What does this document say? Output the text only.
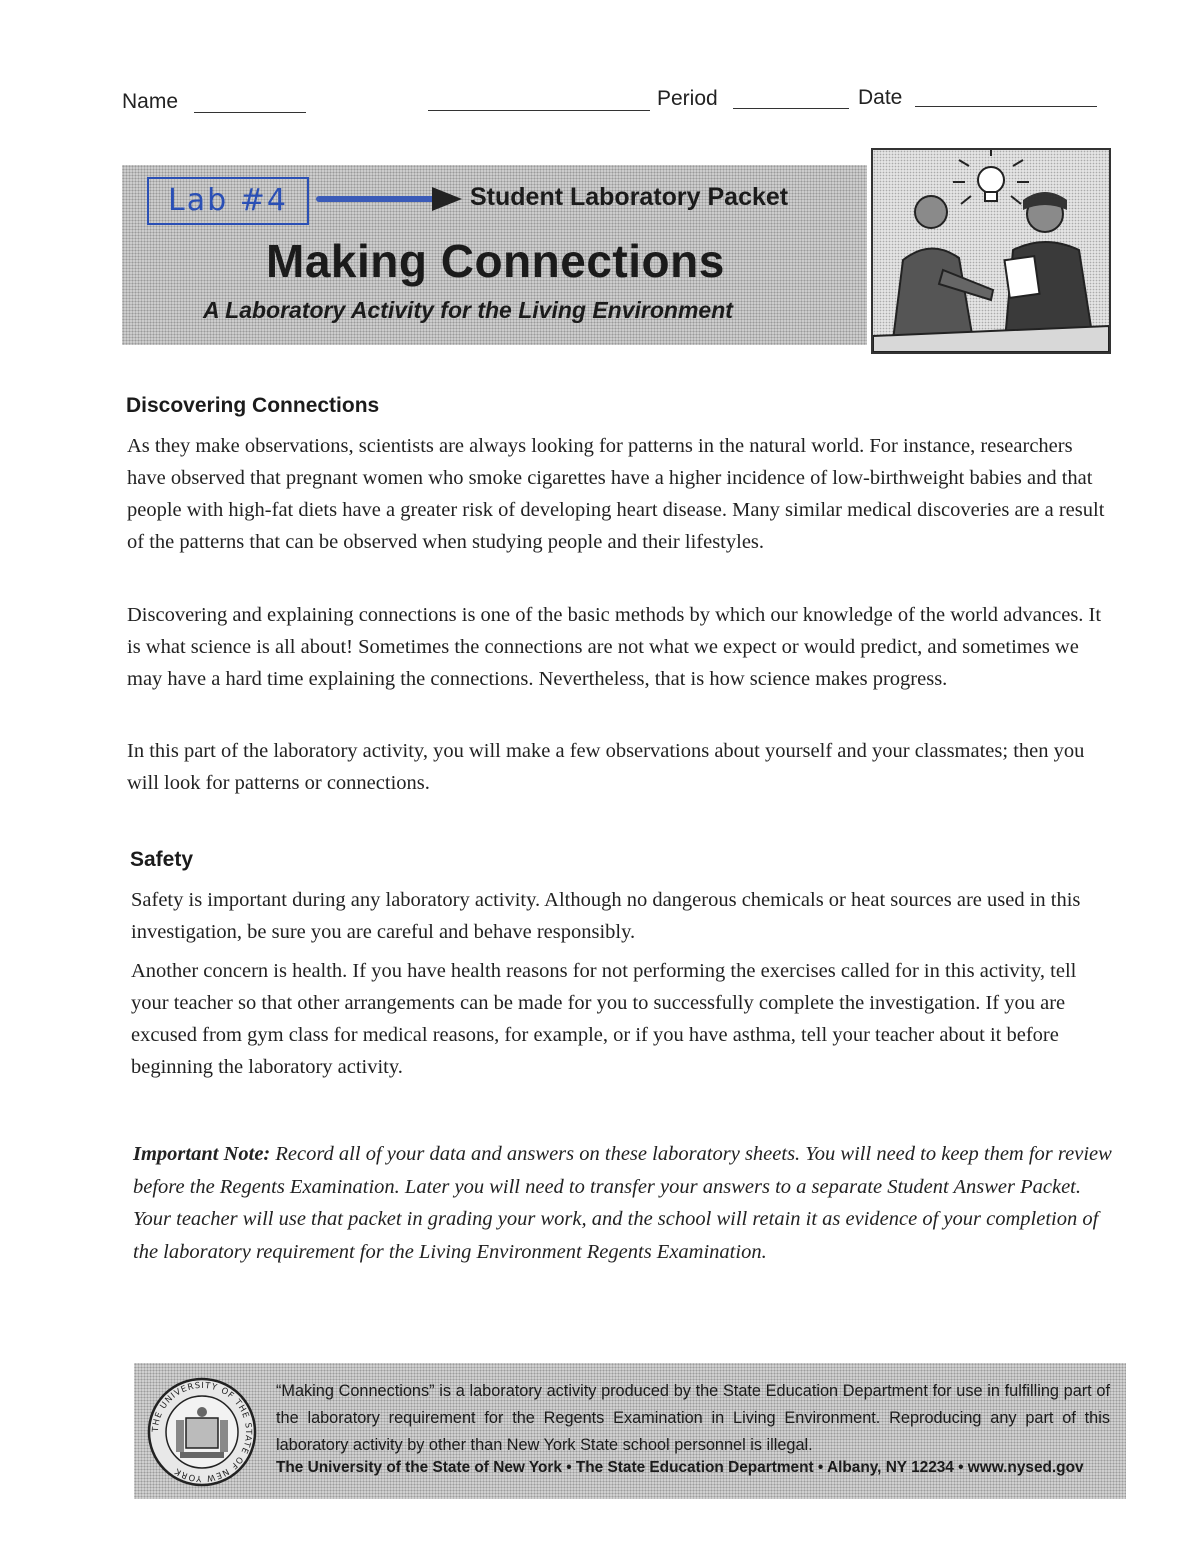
Name	Period	Date
Lab #4	Student Laboratory Packet
Making Connections
A Laboratory Activity for the Living Environment
Discovering Connections

As they make observations, scientists are always looking for patterns in the natural world. For instance, researchers have observed that pregnant women who smoke cigarettes have a higher incidence of low-birthweight babies and that people with high-fat diets have a greater risk of developing heart disease. Many similar medical discoveries are a result of the patterns that can be observed when studying people and their lifestyles.

Discovering and explaining connections is one of the basic methods by which our knowledge of the world advances. It is what science is all about! Sometimes the connections are not what we expect or would predict, and sometimes we may have a hard time explaining the connections. Nevertheless, that is how science makes progress.

In this part of the laboratory activity, you will make a few observations about yourself and your classmates; then you will look for patterns or connections.

Safety

Safety is important during any laboratory activity. Although no dangerous chemicals or heat sources are used in this investigation, be sure you are careful and behave responsibly.

Another concern is health. If you have health reasons for not performing the exercises called for in this activity, tell your teacher so that other arrangements can be made for you to successfully complete the investigation. If you are excused from gym class for medical reasons, for example, or if you have asthma, tell your teacher about it before beginning the laboratory activity.

Important Note: Record all of your data and answers on these laboratory sheets. You will need to keep them for review before the Regents Examination. Later you will need to transfer your answers to a separate Student Answer Packet. Your teacher will use that packet in grading your work, and the school will retain it as evidence of your completion of the laboratory requirement for the Living Environment Regents Examination.

THE UNIVERSITY OF THE STATE OF NEW YORK
“Making Connections” is a laboratory activity produced by the State Education Department for use in fulfilling part of the laboratory requirement for the Regents Examination in Living Environment. Reproducing any part of this laboratory activity by other than New York State school personnel is illegal.
The University of the State of New York • The State Education Department • Albany, NY 12234 • www.nysed.gov
